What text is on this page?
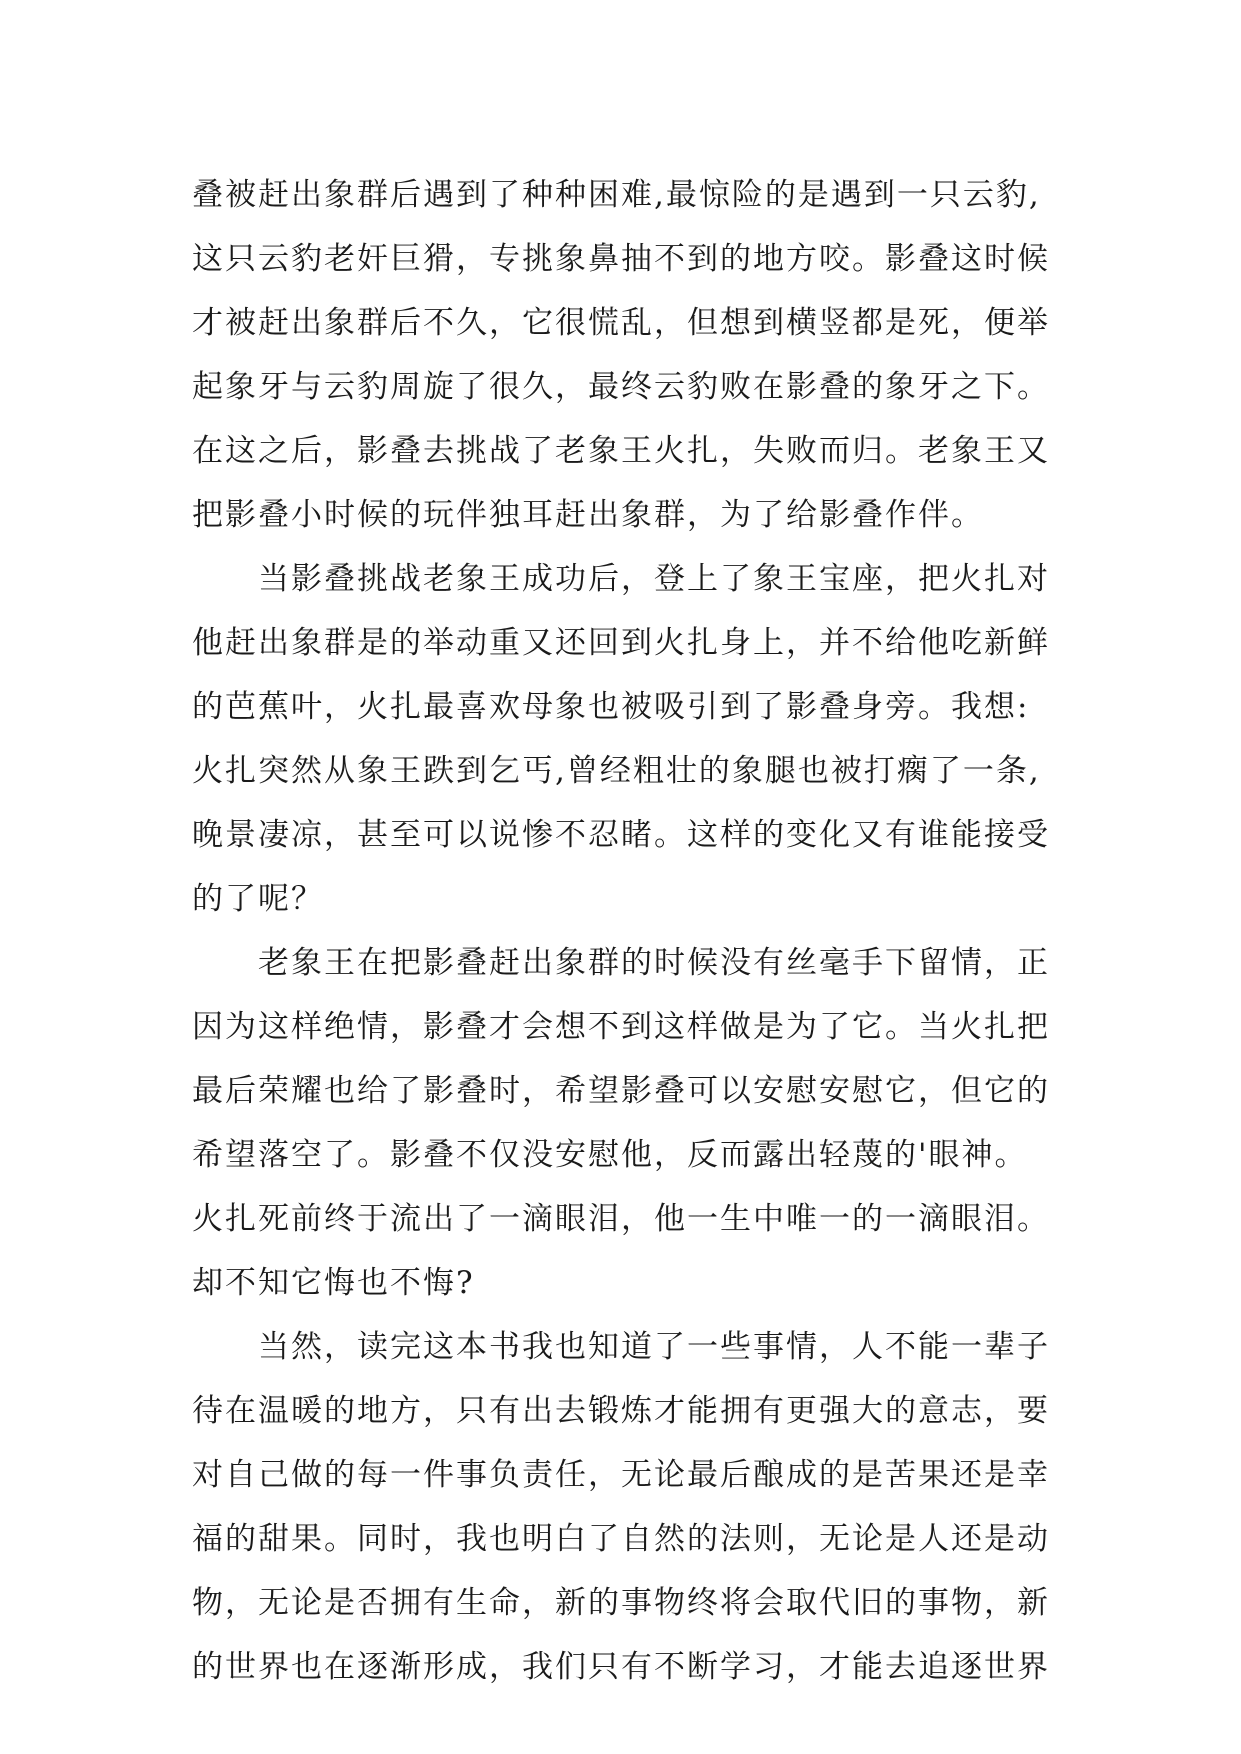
叠被赶出象群后遇到了种种困难,最惊险的是遇到一只云豹,
这只云豹老奸巨猾，专挑象鼻抽不到的地方咬。影叠这时候
才被赶出象群后不久，它很慌乱，但想到横竖都是死，便举
起象牙与云豹周旋了很久，最终云豹败在影叠的象牙之下。
在这之后，影叠去挑战了老象王火扎，失败而归。老象王又
把影叠小时候的玩伴独耳赶出象群，为了给影叠作伴。
当影叠挑战老象王成功后，登上了象王宝座，把火扎对
他赶出象群是的举动重又还回到火扎身上，并不给他吃新鲜
的芭蕉叶，火扎最喜欢母象也被吸引到了影叠身旁。我想:
火扎突然从象王跌到乞丐,曾经粗壮的象腿也被打瘸了一条,
晚景凄凉，甚至可以说惨不忍睹。这样的变化又有谁能接受
的了呢？
老象王在把影叠赶出象群的时候没有丝毫手下留情，正
因为这样绝情，影叠才会想不到这样做是为了它。当火扎把
最后荣耀也给了影叠时，希望影叠可以安慰安慰它，但它的
希望落空了。影叠不仅没安慰他，反而露出轻蔑的'眼神。
火扎死前终于流出了一滴眼泪，他一生中唯一的一滴眼泪。
却不知它悔也不悔?
当然，读完这本书我也知道了一些事情，人不能一辈子
待在温暖的地方，只有出去锻炼才能拥有更强大的意志，要
对自己做的每一件事负责任，无论最后酿成的是苦果还是幸
福的甜果。同时，我也明白了自然的法则，无论是人还是动
物，无论是否拥有生命，新的事物终将会取代旧的事物，新
的世界也在逐渐形成，我们只有不断学习，才能去追逐世界
